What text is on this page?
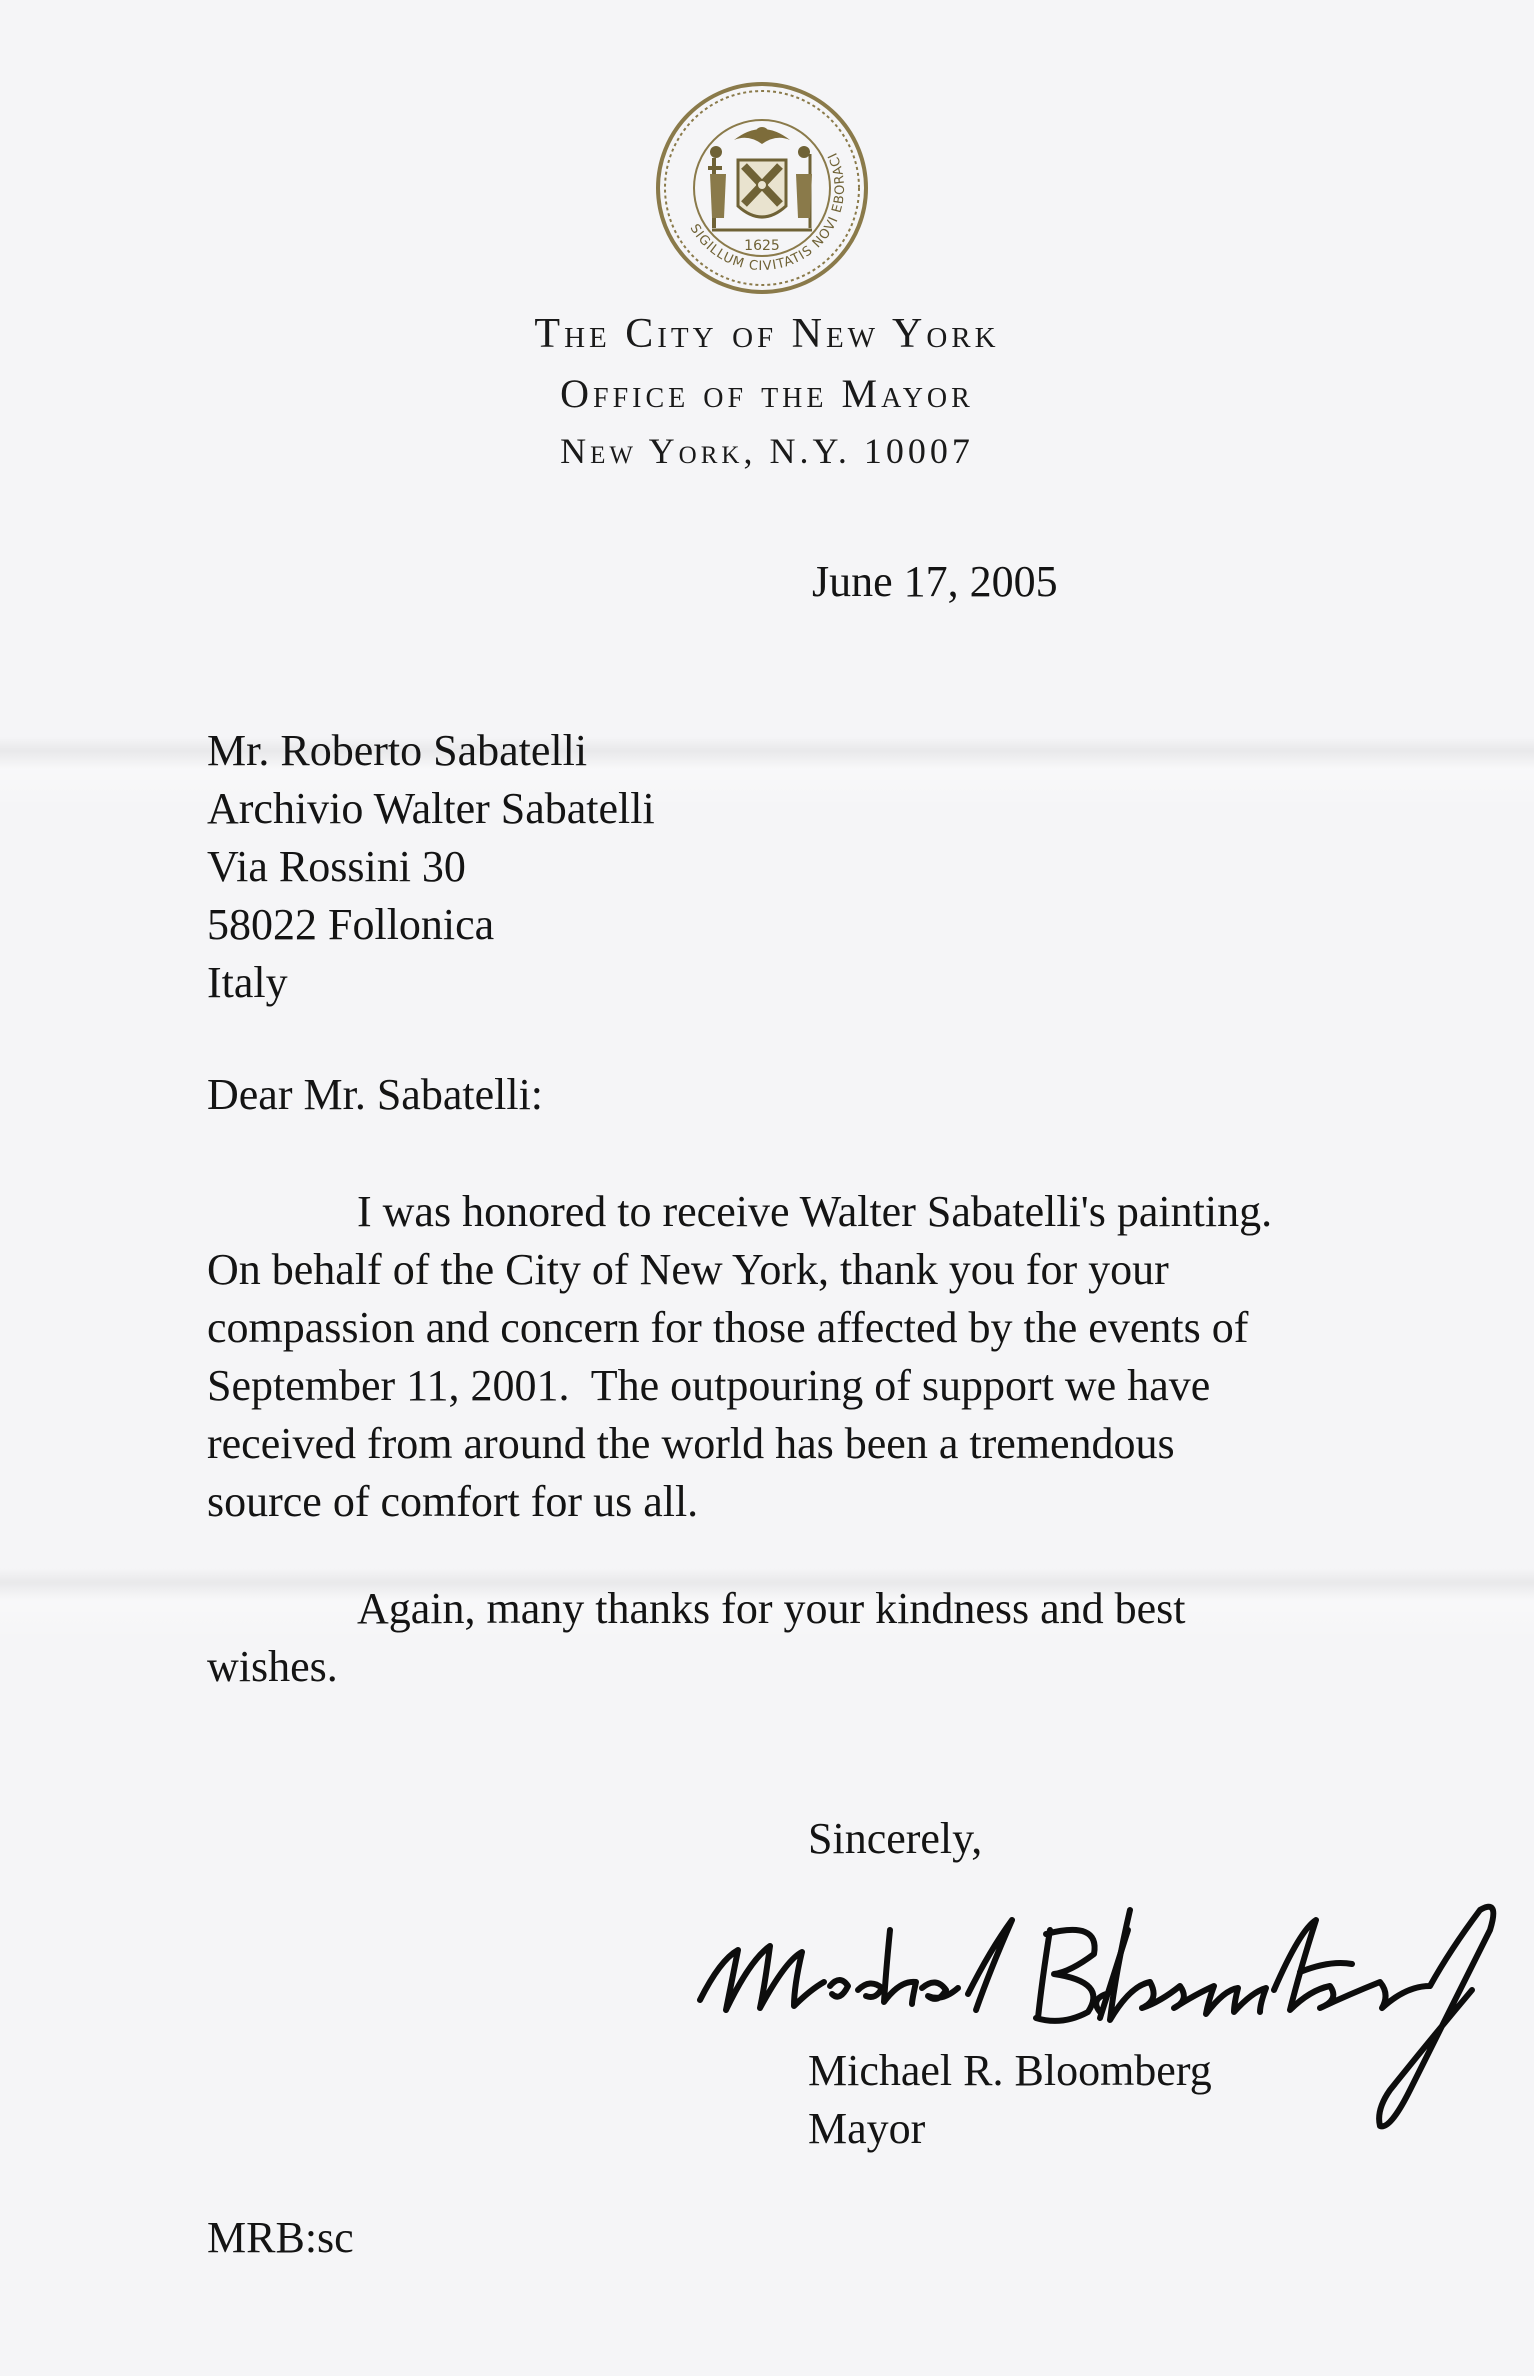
SIGILLUM CIVITATIS NOVI EBORACI
1625
The City of New York
Office of the Mayor
New York, N.Y. 10007
June 17, 2005
Mr. Roberto Sabatelli
Archivio Walter Sabatelli
Via Rossini 30
58022 Follonica
Italy
Dear Mr. Sabatelli:
I was honored to receive Walter Sabatelli's painting.
On behalf of the City of New York, thank you for your
compassion and concern for those affected by the events of
September 11, 2001.  The outpouring of support we have
received from around the world has been a tremendous
source of comfort for us all.
Again, many thanks for your kindness and best
wishes.
Sincerely,
Michael R. Bloomberg
Mayor
MRB:sc
